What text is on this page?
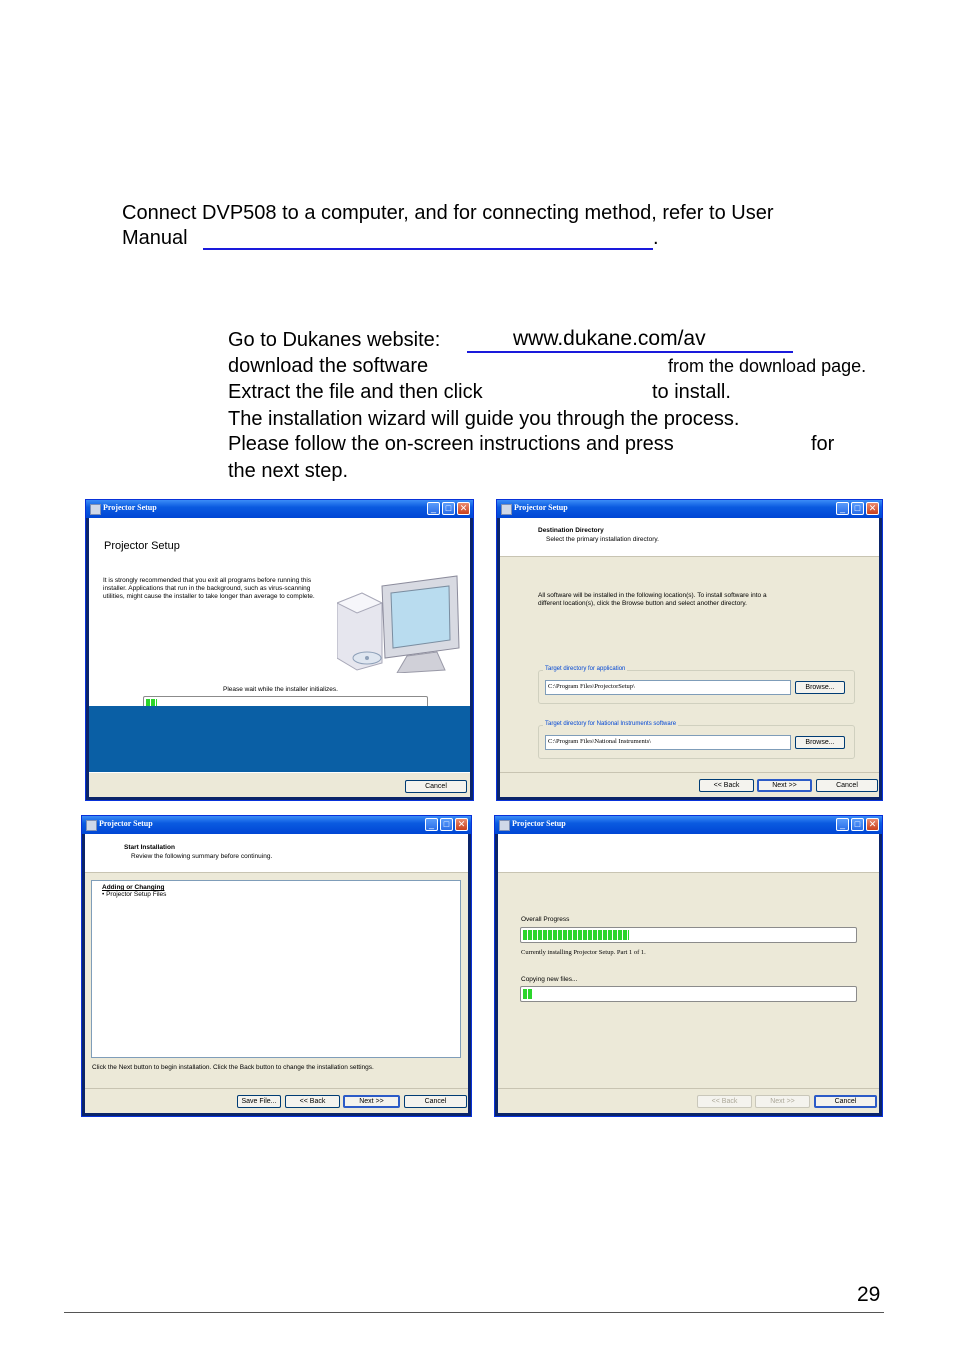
Connect DVP508 to a computer, and for connecting method, refer to User
Manual	.
Go to Dukanes website:	www.dukane.com/av
download the software	from the download page.
Extract the file and then click	to install.
The installation wizard will guide you through the process.
Please follow the on-screen instructions and press	for
the next step.
Projector Setup	_	□ ✕
Projector Setup
It is strongly recommended that you exit all programs before running this
installer. Applications that run in the background, such as virus-scanning
utilities, might cause the installer to take longer than average to complete.
Please wait while the installer initializes.
Cancel
Projector Setup	_	□ ✕
Destination Directory
Select the primary installation directory.
All software will be installed in the following location(s). To install software into a
different location(s), click the Browse button and select another directory.
Target directory for application
C:\Program Files\ProjectorSetup\	Browse...
Target directory for National Instruments software
C:\Program Files\National Instruments\	Browse...
<< Back	Next >>	Cancel
Projector Setup	_	□ ✕
Start Installation
Review the following summary before continuing.
Adding or Changing
• Projector Setup Files
Click the Next button to begin installation. Click the Back button to change the installation settings.
Save File...	<< Back	Next >>	Cancel
Projector Setup	_	□ ✕
Overall Progress
Currently installing Projector Setup. Part 1 of 1.
Copying new files...
<< Back	Next >>	Cancel
29
